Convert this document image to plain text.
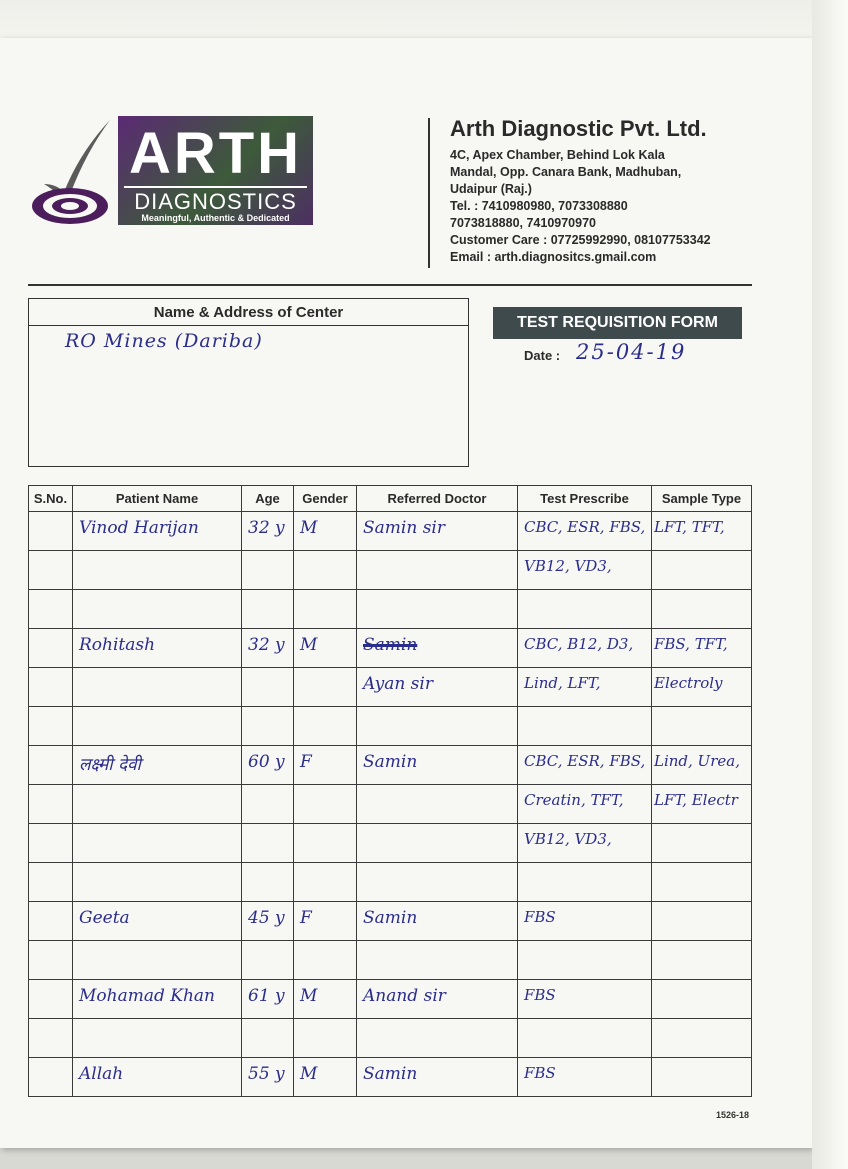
ARTH
DIAGNOSTICS
Meaningful, Authentic & Dedicated
Arth Diagnostic Pvt. Ltd.
4C, Apex Chamber, Behind Lok Kala
Mandal, Opp. Canara Bank, Madhuban,
Udaipur (Raj.)
Tel. : 7410980980, 7073308880
7073818880, 7410970970
Customer Care : 07725992990, 08107753342
Email : arth.diagnositcs.gmail.com
Name & Address of Center
RO Mines (Dariba)
TEST REQUISITION FORM
Date : 25-04-19
S.No.	Patient Name	Age	Gender	Referred Doctor	Test Prescribe	Sample Type

	Vinod Harijan	32 y	M	Samin sir	CBC, ESR, FBS,	LFT, TFT,

					VB12, VD3,	

	Rohitash	32 y	M	Samin	CBC, B12, D3,	FBS, TFT,

				Ayan sir	Lind, LFT,	Electroly

	लक्ष्मी देवी	60 y	F	Samin	CBC, ESR, FBS,	Lind, Urea,

					Creatin, TFT,	LFT, Electr

					VB12, VD3,	

	Geeta	45 y	F	Samin	FBS	

	Mohamad Khan	61 y	M	Anand sir	FBS	

	Allah	55 y	M	Samin	FBS	

1526-18
